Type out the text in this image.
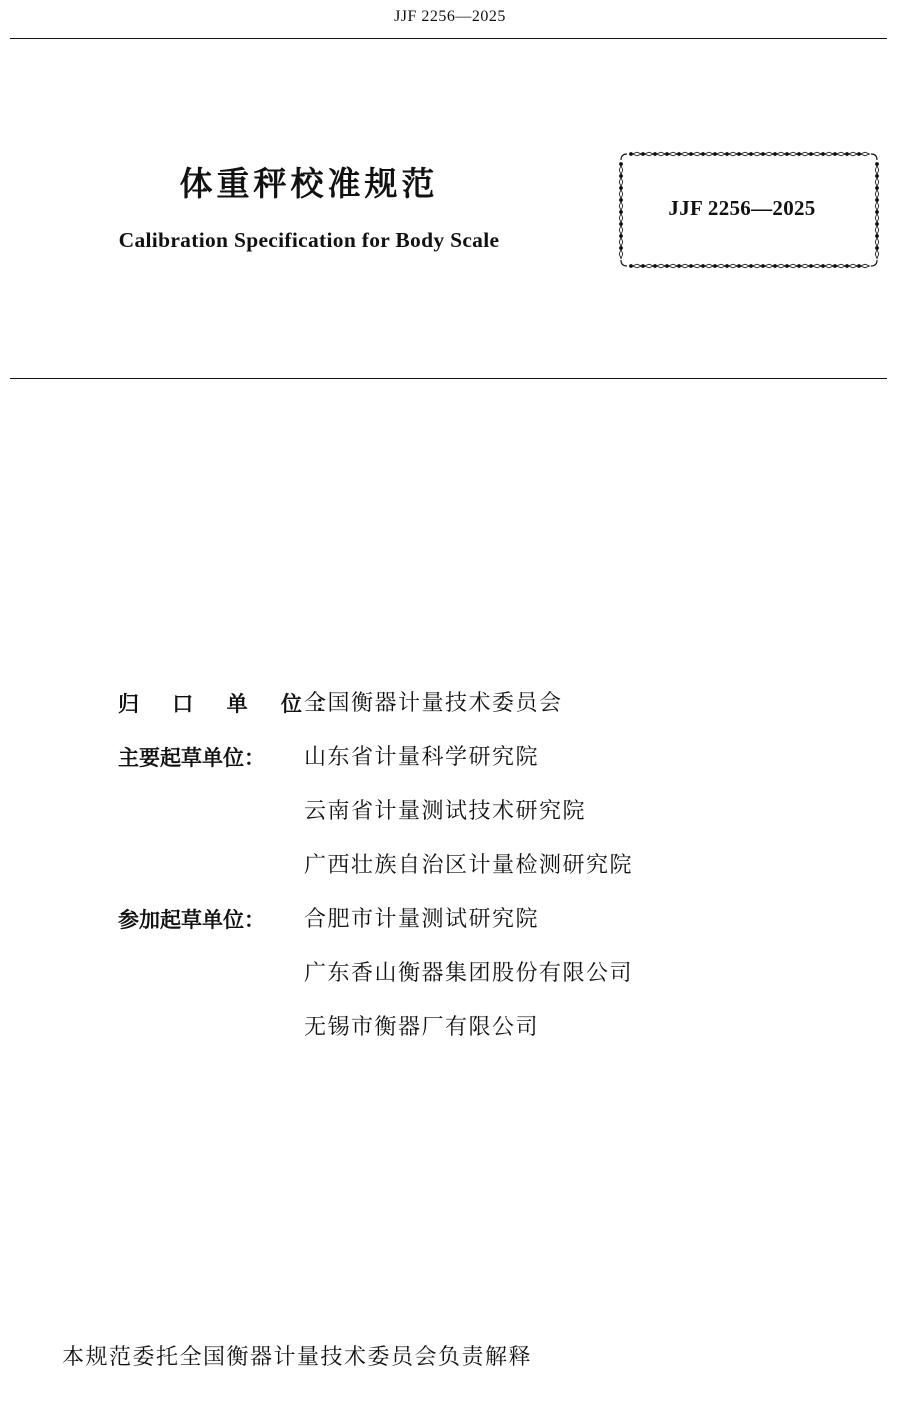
JJF 2256—2025
体重秤校准规范
Calibration Specification for Body Scale
JJF 2256—2025
归 口 单 位：
全国衡器计量技术委员会
主要起草单位：	山东省计量科学研究院
云南省计量测试技术研究院
广西壮族自治区计量检测研究院
参加起草单位：	合肥市计量测试研究院
广东香山衡器集团股份有限公司
无锡市衡器厂有限公司
本规范委托全国衡器计量技术委员会负责解释
